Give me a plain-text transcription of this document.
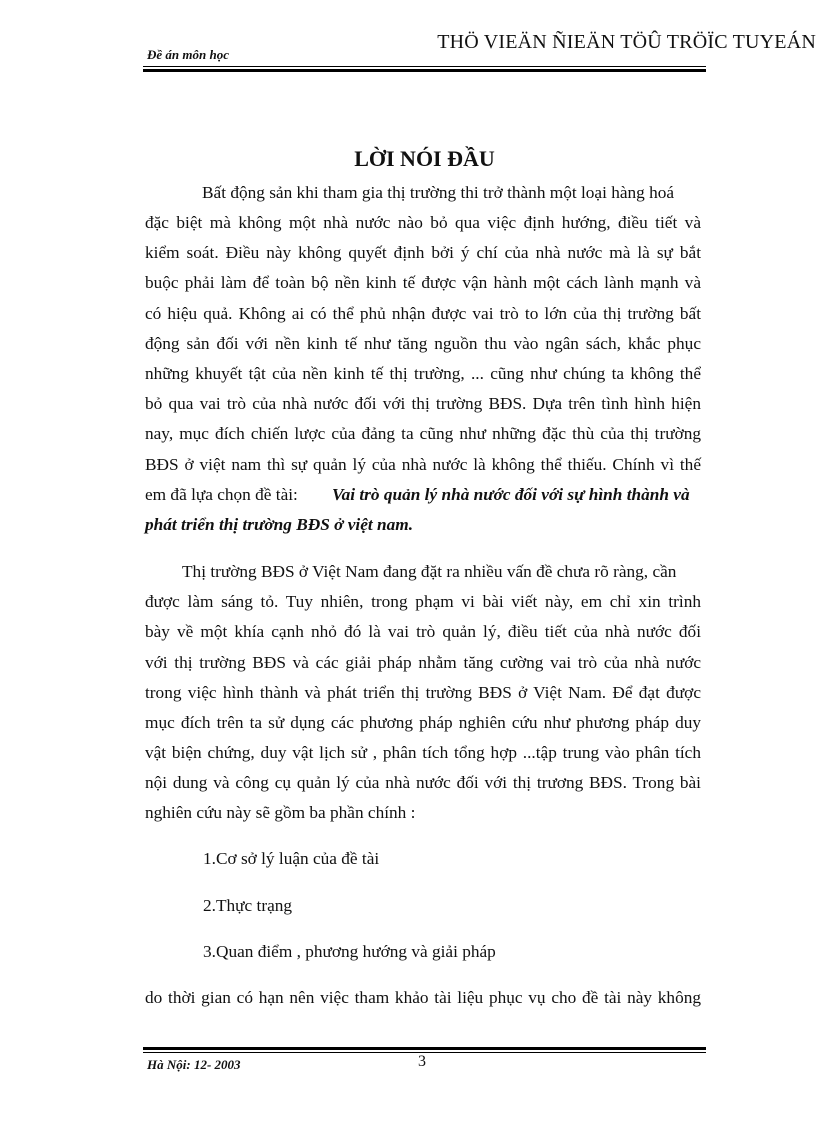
Đề án môn học
THÖ VIEÄN ÑIEÄN TÖÛ TRÖÏC TUYEÁN
LỜI NÓI ĐẦU
Bất động sản khi tham gia thị trường thi trở thành một loại hàng hoá
đặc biệt mà không một nhà nước nào bỏ qua việc định hướng, điều tiết và
kiểm soát. Điều này không quyết định bởi ý chí của nhà nước mà là sự bắt
buộc phải làm để toàn bộ nền kinh tế được vận hành một cách lành mạnh và
có hiệu quả. Không ai có thể phủ nhận được vai trò to lớn của thị trường bất
động sản đối với nền kinh tế như tăng nguồn thu vào ngân sách, khắc phục
những khuyết tật của nền kinh tế thị trường, ... cũng như chúng ta không thể
bỏ qua vai trò của nhà nước đối với thị trường BĐS. Dựa trên tình hình hiện
nay, mục đích chiến lược của đảng ta cũng như những đặc thù của thị trường
BĐS ở việt nam thì sự quản lý của nhà nước là không thể thiếu. Chính vì thế
em đã lựa chọn đề tài: Vai trò quản lý nhà nước đối với sự hình thành và
phát triển thị trường BĐS ở việt nam.
Thị trường BĐS ở Việt Nam đang đặt ra nhiều vấn đề chưa rõ ràng, cần
được làm sáng tỏ. Tuy nhiên, trong phạm vi bài viết này, em chỉ xin trình
bày về một khía cạnh nhỏ đó là vai trò quản lý, điều tiết của nhà nước đối
với thị trường BĐS và các giải pháp nhằm tăng cường vai trò của nhà nước
trong việc hình thành và phát triển thị trường BĐS ở Việt Nam. Để đạt được
mục đích trên ta sử dụng các phương pháp nghiên cứu như phương pháp duy
vật biện chứng, duy vật lịch sử , phân tích tổng hợp ...tập trung vào phân tích
nội dung và công cụ quản lý của nhà nước đối với thị trương BĐS. Trong bài
nghiên cứu này sẽ gồm ba phần chính :
1.Cơ sở lý luận của đề tài
2.Thực trạng
3.Quan điểm , phương hướng và giải pháp
do thời gian có hạn nên việc tham khảo tài liệu phục vụ cho đề tài này không
Hà Nội: 12- 2003	3
